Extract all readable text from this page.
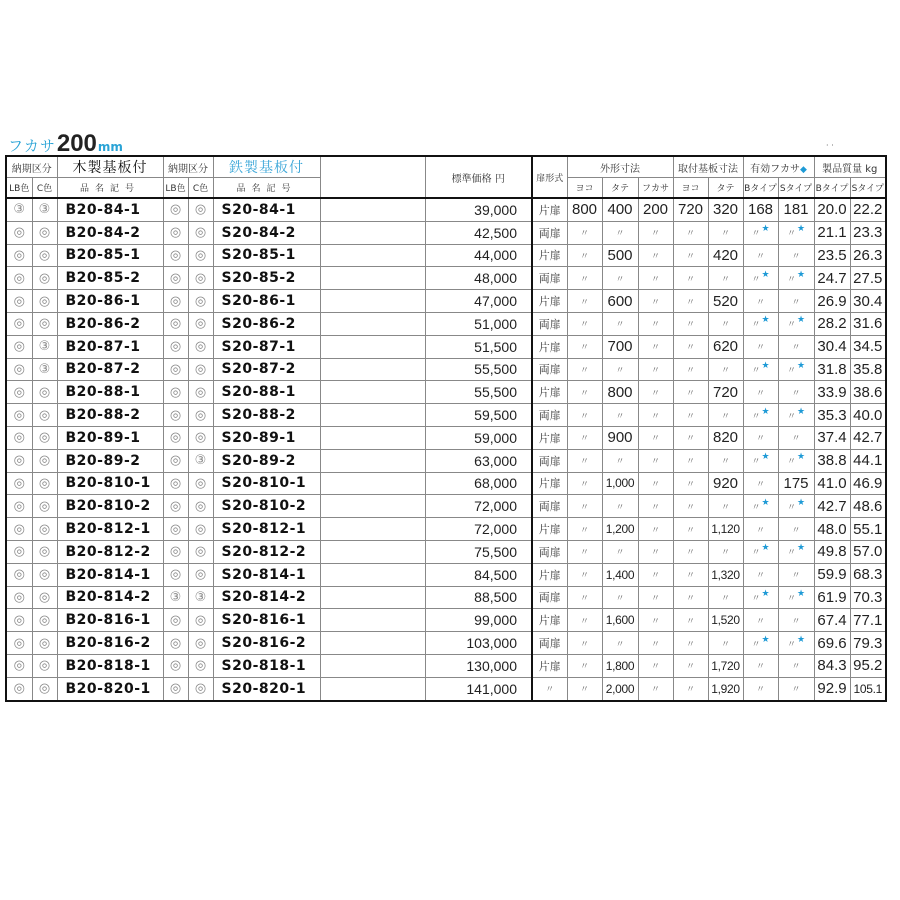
フカサ 200 mm	· ·
納期区分		木製基板付	納期区分		鉄製基板付		標準価格 円	扉形式	外形寸法			取付基板寸法		有効フカサ◆		製品質量 kg	
LB色	C色	品名記号	LB色	C色	品名記号				ヨコ	タテ	フカサ	ヨコ	タテ	Bタイプ	Sタイプ	Bタイプ	Sタイプ
③	③	B20-84-1	◎	◎	S20-84-1		39,000	片扉	800	400	200	720	320	168	181	20.0	22.2
◎	◎	B20-84-2	◎	◎	S20-84-2		42,500	両扉	〃	〃	〃	〃	〃	〃★	〃★	21.1	23.3
◎	◎	B20-85-1	◎	◎	S20-85-1		44,000	片扉	〃	500	〃	〃	420	〃	〃	23.5	26.3
◎	◎	B20-85-2	◎	◎	S20-85-2		48,000	両扉	〃	〃	〃	〃	〃	〃★	〃★	24.7	27.5
◎	◎	B20-86-1	◎	◎	S20-86-1		47,000	片扉	〃	600	〃	〃	520	〃	〃	26.9	30.4
◎	◎	B20-86-2	◎	◎	S20-86-2		51,000	両扉	〃	〃	〃	〃	〃	〃★	〃★	28.2	31.6
◎	③	B20-87-1	◎	◎	S20-87-1		51,500	片扉	〃	700	〃	〃	620	〃	〃	30.4	34.5
◎	③	B20-87-2	◎	◎	S20-87-2		55,500	両扉	〃	〃	〃	〃	〃	〃★	〃★	31.8	35.8
◎	◎	B20-88-1	◎	◎	S20-88-1		55,500	片扉	〃	800	〃	〃	720	〃	〃	33.9	38.6
◎	◎	B20-88-2	◎	◎	S20-88-2		59,500	両扉	〃	〃	〃	〃	〃	〃★	〃★	35.3	40.0
◎	◎	B20-89-1	◎	◎	S20-89-1		59,000	片扉	〃	900	〃	〃	820	〃	〃	37.4	42.7
◎	◎	B20-89-2	◎	③	S20-89-2		63,000	両扉	〃	〃	〃	〃	〃	〃★	〃★	38.8	44.1
◎	◎	B20-810-1	◎	◎	S20-810-1		68,000	片扉	〃	1,000	〃	〃	920	〃	175	41.0	46.9
◎	◎	B20-810-2	◎	◎	S20-810-2		72,000	両扉	〃	〃	〃	〃	〃	〃★	〃★	42.7	48.6
◎	◎	B20-812-1	◎	◎	S20-812-1		72,000	片扉	〃	1,200	〃	〃	1,120	〃	〃	48.0	55.1
◎	◎	B20-812-2	◎	◎	S20-812-2		75,500	両扉	〃	〃	〃	〃	〃	〃★	〃★	49.8	57.0
◎	◎	B20-814-1	◎	◎	S20-814-1		84,500	片扉	〃	1,400	〃	〃	1,320	〃	〃	59.9	68.3
◎	◎	B20-814-2	③	③	S20-814-2		88,500	両扉	〃	〃	〃	〃	〃	〃★	〃★	61.9	70.3
◎	◎	B20-816-1	◎	◎	S20-816-1		99,000	片扉	〃	1,600	〃	〃	1,520	〃	〃	67.4	77.1
◎	◎	B20-816-2	◎	◎	S20-816-2		103,000	両扉	〃	〃	〃	〃	〃	〃★	〃★	69.6	79.3
◎	◎	B20-818-1	◎	◎	S20-818-1		130,000	片扉	〃	1,800	〃	〃	1,720	〃	〃	84.3	95.2
◎	◎	B20-820-1	◎	◎	S20-820-1		141,000	〃	〃	2,000	〃	〃	1,920	〃	〃	92.9	105.1
